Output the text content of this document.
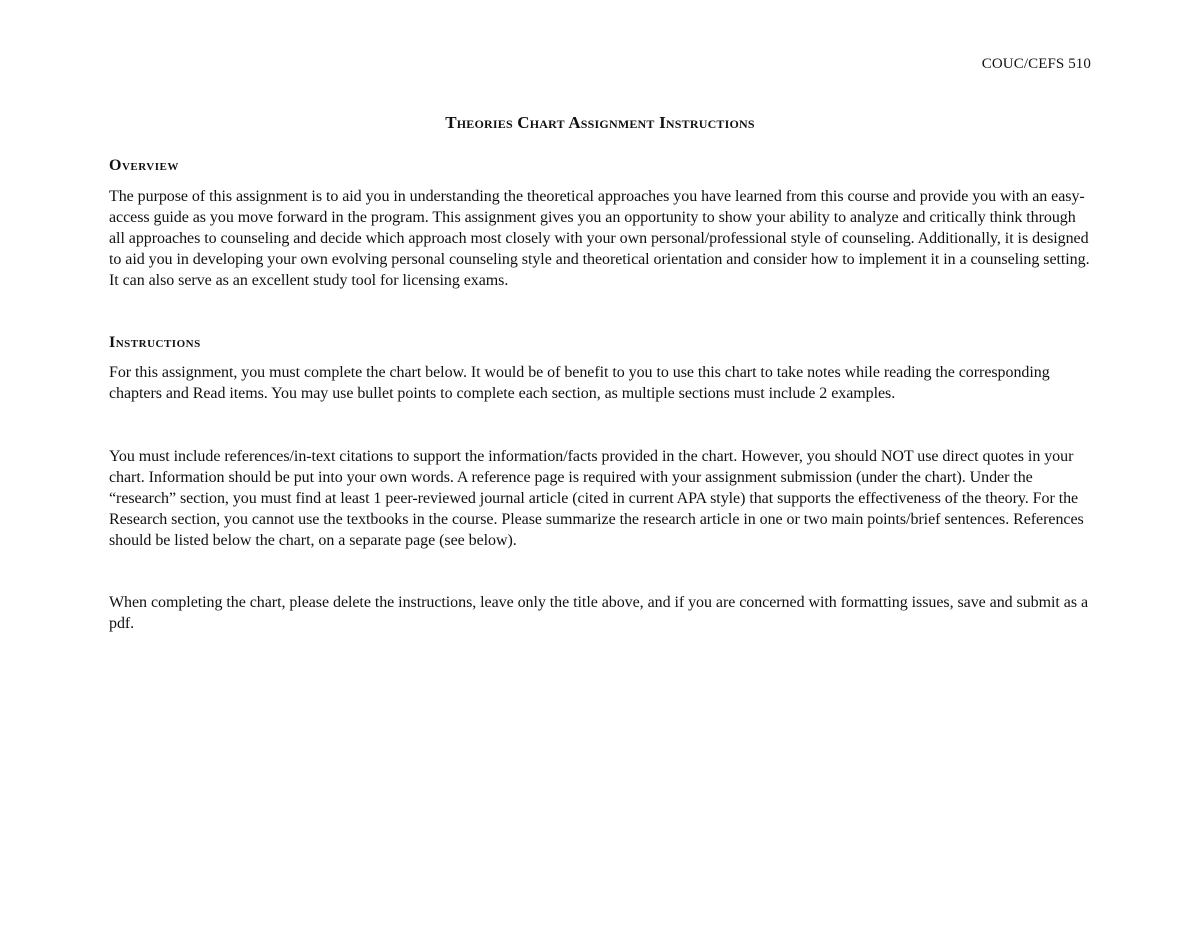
COUC/CEFS 510
Theories Chart Assignment Instructions
Overview

The purpose of this assignment is to aid you in understanding the theoretical approaches you have learned from this course and provide you with an easy-access guide as you move forward in the program. This assignment gives you an opportunity to show your ability to analyze and critically think through all approaches to counseling and decide which approach most closely with your own personal/professional style of counseling. Additionally, it is designed to aid you in developing your own evolving personal counseling style and theoretical orientation and consider how to implement it in a counseling setting. It can also serve as an excellent study tool for licensing exams.

Instructions

For this assignment, you must complete the chart below. It would be of benefit to you to use this chart to take notes while reading the corresponding chapters and Read items. You may use bullet points to complete each section, as multiple sections must include 2 examples.

You must include references/in-text citations to support the information/facts provided in the chart. However, you should NOT use direct quotes in your chart. Information should be put into your own words. A reference page is required with your assignment submission (under the chart). Under the “research” section, you must find at least 1 peer-reviewed journal article (cited in current APA style) that supports the effectiveness of the theory. For the Research section, you cannot use the textbooks in the course. Please summarize the research article in one or two main points/brief sentences. References should be listed below the chart, on a separate page (see below).

When completing the chart, please delete the instructions, leave only the title above, and if you are concerned with formatting issues, save and submit as a pdf.
